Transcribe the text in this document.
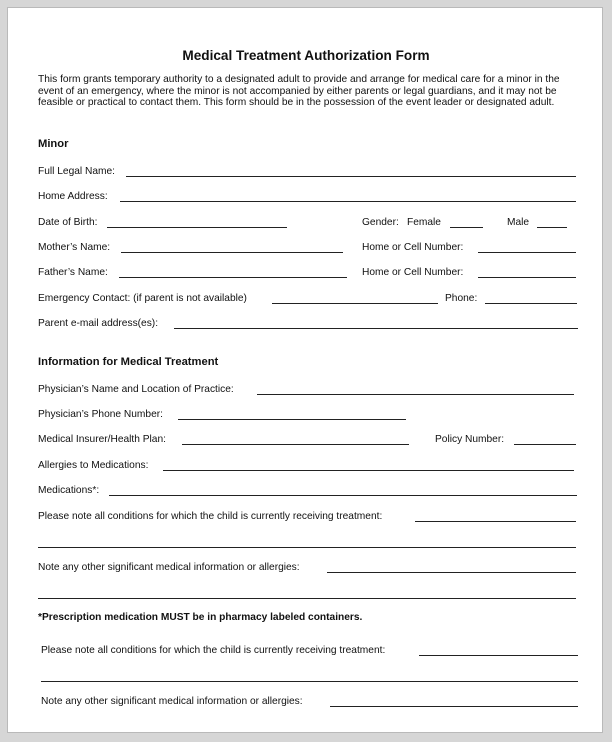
Medical Treatment Authorization Form
This form grants temporary authority to a designated adult to provide and arrange for medical care for a minor in the event of an emergency, where the minor is not accompanied by either parents or legal guardians, and it may not be feasible or practical to contact them. This form should be in the possession of the event leader or designated adult.
Minor
Full Legal Name:
Home Address:
Date of Birth:	Gender: Female	Male
Mother’s Name:	Home or Cell Number:
Father’s Name:	Home or Cell Number:
Emergency Contact: (if parent is not available)	Phone:
Parent e-mail address(es):
Information for Medical Treatment
Physician’s Name and Location of Practice:
Physician’s Phone Number:
Medical Insurer/Health Plan:	Policy Number:
Allergies to Medications:
Medications*:
Please note all conditions for which the child is currently receiving treatment:
Note any other significant medical information or allergies:
*Prescription medication MUST be in pharmacy labeled containers.
Please note all conditions for which the child is currently receiving treatment:
Note any other significant medical information or allergies:
